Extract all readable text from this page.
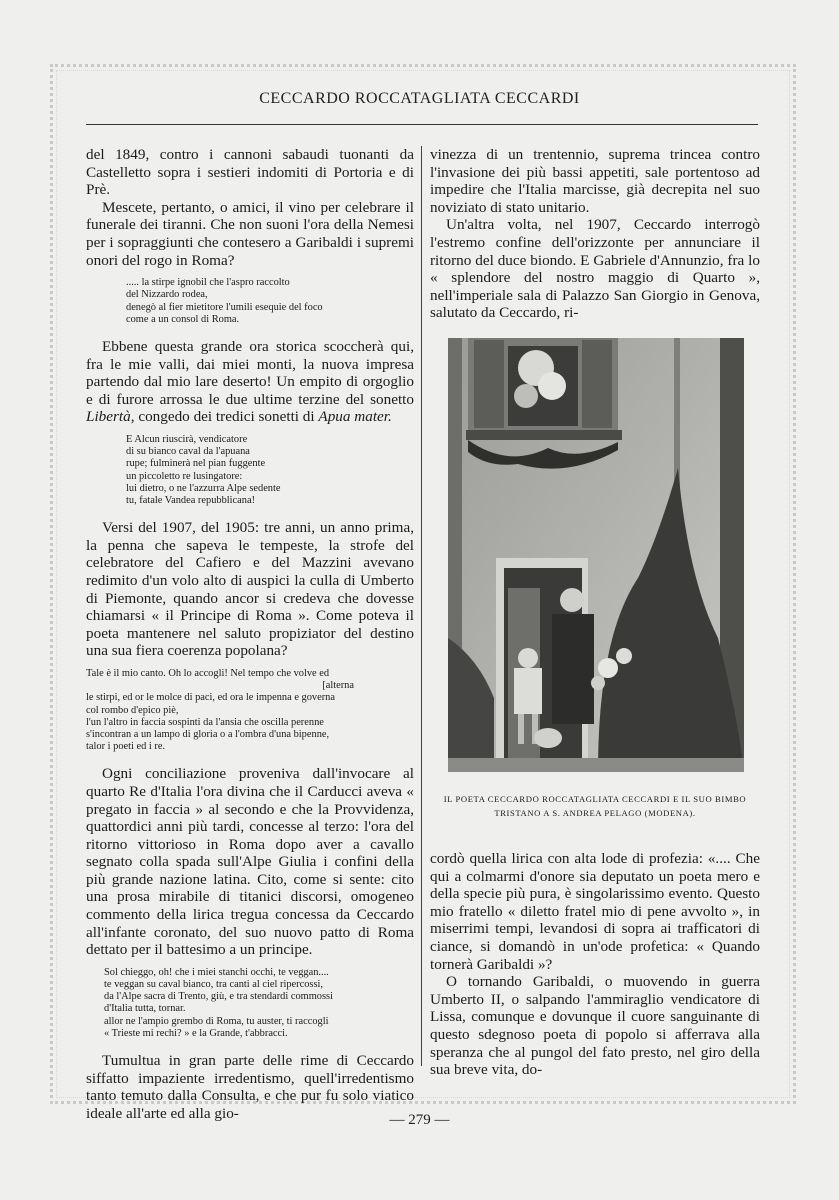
CECCARDO ROCCATAGLIATA CECCARDI

del 1849, contro i cannoni sabaudi tuonanti da Castelletto sopra i sestieri indomiti di Portoria e di Prè.

Mescete, pertanto, o amici, il vino per celebrare il funerale dei tiranni. Che non suoni l'ora della Nemesi per i sopraggiunti che contesero a Garibaldi i supremi onori del rogo in Roma?

..... la stirpe ignobil che l'aspro raccolto
del Nizzardo rodea,
denegò al fier mietitore l'umili esequie del foco
come a un consol di Roma.

Ebbene questa grande ora storica scoccherà qui, fra le mie valli, dai miei monti, la nuova impresa partendo dal mio lare deserto! Un empito di orgoglio e di furore arrossa le due ultime terzine del sonetto Libertà, congedo dei tredici sonetti di Apua mater.

E Alcun riuscirà, vendicatore
di su bianco caval da l'apuana
rupe; fulminerà nel pian fuggente
un piccoletto re lusingatore:
lui dietro, o ne l'azzurra Alpe sedente
tu, fatale Vandea repubblicana!

Versi del 1907, del 1905: tre anni, un anno prima, la penna che sapeva le tempeste, la strofe del celebratore del Cafiero e del Mazzini avevano redimito d'un volo alto di auspici la culla di Umberto di Piemonte, quando ancor si credeva che dovesse chiamarsi « il Principe di Roma ». Come poteva il poeta mantenere nel saluto propiziator del destino una sua fiera coerenza popolana?

Tale è il mio canto. Oh lo accogli! Nel tempo che volve ed
[alterna
le stirpi, ed or le molce di paci, ed ora le impenna e governa
col rombo d'epico piè,
l'un l'altro in faccia sospinti da l'ansia che oscilla perenne
s'incontran a un lampo di gloria o a l'ombra d'una bipenne,
talor i poeti ed i re.

Ogni conciliazione proveniva dall'invocare al quarto Re d'Italia l'ora divina che il Carducci aveva « pregato in faccia » al secondo e che la Provvidenza, quattordici anni più tardi, concesse al terzo: l'ora del ritorno vittorioso in Roma dopo aver a cavallo segnato colla spada sull'Alpe Giulia i confini della più grande nazione latina. Cito, come si sente: cito una prosa mirabile di titanici discorsi, omogeneo commento della lirica tregua concessa da Ceccardo all'infante coronato, del suo nuovo patto di Roma dettato per il battesimo a un principe.

Sol chieggo, oh! che i miei stanchi occhi, te veggan....
te veggan su caval bianco, tra canti al ciel ripercossi,
da l'Alpe sacra di Trento, giù, e tra stendardi commossi
d'Italia tutta, tornar.
allor ne l'ampio grembo di Roma, tu auster, ti raccogli
« Trieste mi rechi? » e la Grande, t'abbracci.

Tumultua in gran parte delle rime di Ceccardo siffatto impaziente irredentismo, quell'irredentismo tanto temuto dalla Consulta, e che pur fu solo viatico ideale all'arte ed alla gio-

vinezza di un trentennio, suprema trincea contro l'invasione dei più bassi appetiti, sale portentoso ad impedire che l'Italia marcisse, già decrepita nel suo noviziato di stato unitario.

Un'altra volta, nel 1907, Ceccardo interrogò l'estremo confine dell'orizzonte per annunciare il ritorno del duce biondo. E Gabriele d'Annunzio, fra lo « splendore del nostro maggio di Quarto », nell'imperiale sala di Palazzo San Giorgio in Genova, salutato da Ceccardo, ri-

IL POETA CECCARDO ROCCATAGLIATA CECCARDI E IL SUO BIMBO TRISTANO A S. ANDREA PELAGO (MODENA).

cordò quella lirica con alta lode di profezia: «.... Che qui a colmarmi d'onore sia deputato un poeta mero e della specie più pura, è singolarissimo evento. Questo mio fratello « diletto fratel mio di pene avvolto », in miserrimi tempi, levandosi di sopra ai trafficatori di ciance, si domandò in un'ode profetica: « Quando tornerà Garibaldi »?

O tornando Garibaldi, o muovendo in guerra Umberto II, o salpando l'ammiraglio vendicatore di Lissa, comunque e dovunque il cuore sanguinante di questo sdegnoso poeta di popolo si afferrava alla speranza che al pungol del fato presto, nel giro della sua breve vita, do-

— 279 —
